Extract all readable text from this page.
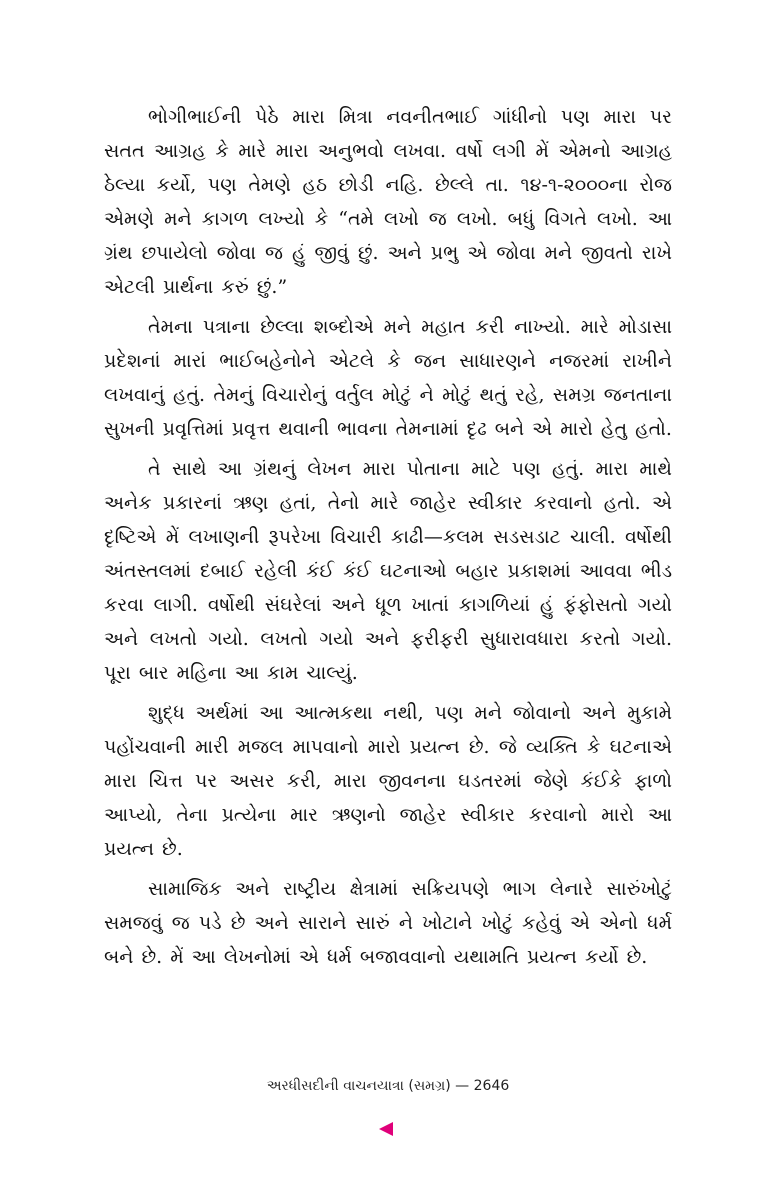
ભોગીભાઈની પેઠે મારા મિત્રા નવનીતભાઈ ગાંધીનો પણ મારા પર સતત આગ્રહ કે મારે મારા અનુભવો લખવા. વર્ષો લગી મેં એમનો આગ્રહ ઠેલ્યા કર્યો, પણ તેમણે હઠ છોડી નહિ. છેલ્લે તા. ૧૪-૧-૨૦૦૦ના રોજ એમણે મને કાગળ લખ્યો કે “તમે લખો જ લખો. બધું વિગતે લખો. આ ગ્રંથ છપાયેલો જોવા જ હું જીવું છું. અને પ્રભુ એ જોવા મને જીવતો રાખે એટલી પ્રાર્થના કરું છું.”

તેમના પત્રાના છેલ્લા શબ્દોએ મને મહાત કરી નાખ્યો. મારે મોડાસા પ્રદેશનાં મારાં ભાઈબહેનોને એટલે કે જન સાધારણને નજરમાં રાખીને લખવાનું હતું. તેમનું વિચારોનું વર્તુલ મોટું ને મોટું થતું રહે, સમગ્ર જનતાના સુખની પ્રવૃત્તિમાં પ્રવૃત્ત થવાની ભાવના તેમનામાં દૃઢ બને એ મારો હેતુ હતો.

તે સાથે આ ગ્રંથનું લેખન મારા પોતાના માટે પણ હતું. મારા માથે અનેક પ્રકારનાં ઋણ હતાં, તેનો મારે જાહેર સ્વીકાર કરવાનો હતો. એ દૃષ્ટિએ મેં લખાણની રૂપરેખા વિચારી કાઢી—કલમ સડસડાટ ચાલી. વર્ષોથી અંતસ્તલમાં દબાઈ રહેલી કંઈ કંઈ ઘટનાઓ બહાર પ્રકાશમાં આવવા ભીડ કરવા લાગી. વર્ષોથી સંઘરેલાં અને ધૂળ ખાતાં કાગળિયાં હું ફંફોસતો ગયો અને લખતો ગયો. લખતો ગયો અને ફરીફરી સુધારાવધારા કરતો ગયો. પૂરા બાર મહિના આ કામ ચાલ્યું.

શુદ્ધ અર્થમાં આ આત્મકથા નથી, પણ મને જોવાનો અને મુકામે પહોંચવાની મારી મજલ માપવાનો મારો પ્રયત્ન છે. જે વ્યક્તિ કે ઘટનાએ મારા ચિત્ત પર અસર કરી, મારા જીવનના ઘડતરમાં જેણે કંઈકે ફાળો આપ્યો, તેના પ્રત્યેના માર ઋણનો જાહેર સ્વીકાર કરવાનો મારો આ પ્રયત્ન છે.

સામાજિક અને રાષ્ટ્રીય ક્ષેત્રામાં સક્રિયપણે ભાગ લેનારે સારુંખોટું સમજવું જ પડે છે અને સારાને સારું ને ખોટાને ખોટું કહેવું એ એનો ધર્મ બને છે. મેં આ લેખનોમાં એ ધર્મ બજાવવાનો યથામતિ પ્રયત્ન કર્યો છે.

અરધીસદીની વાચનયાત્રા (સમગ્ર) — 2646
